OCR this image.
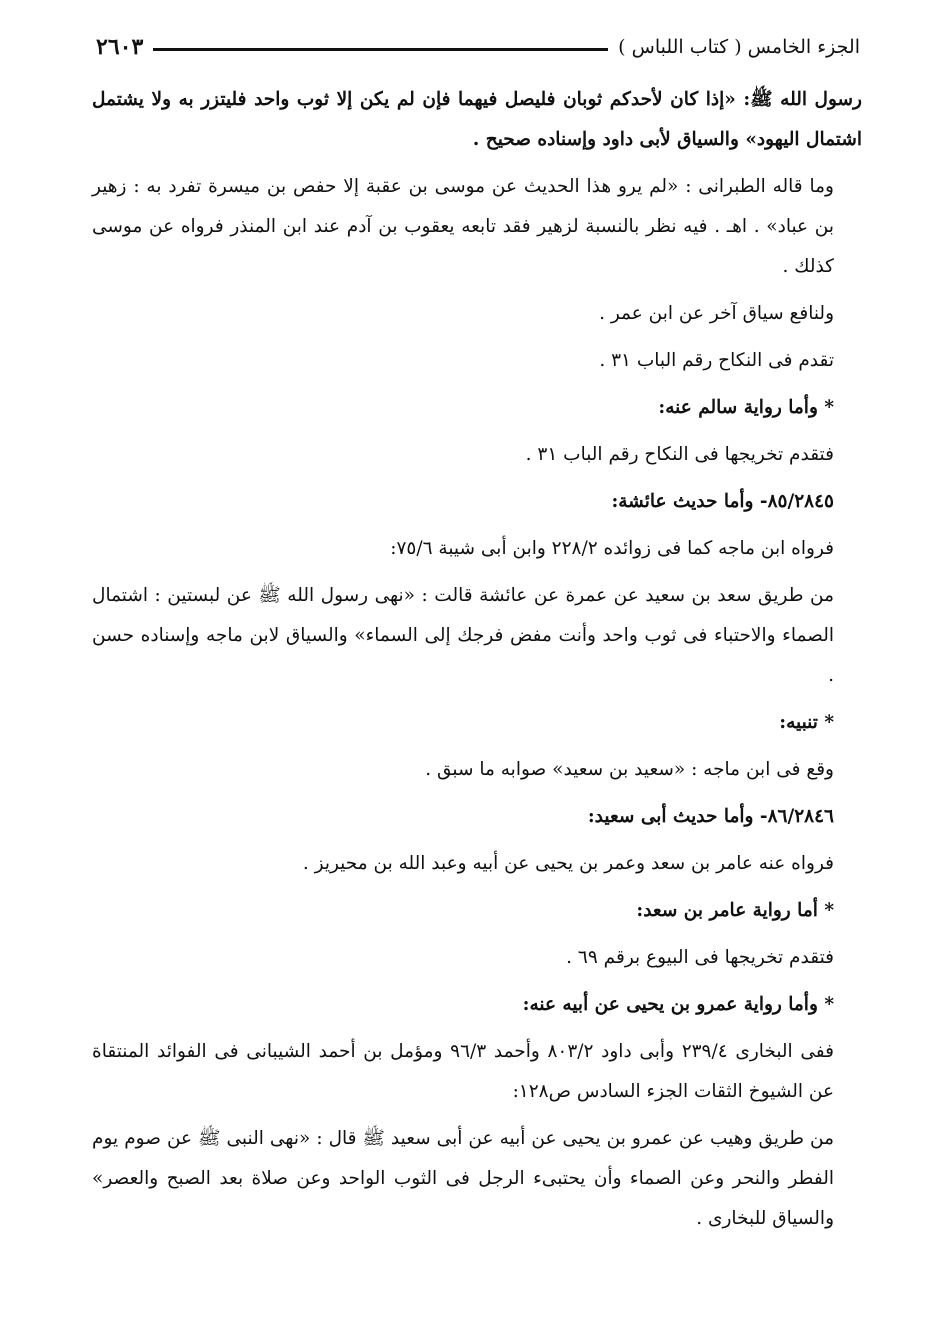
الجزء الخامس ( كتاب اللباس )
٢٦٠٣

رسول الله ﷺ: «إذا كان لأحدكم ثوبان فليصل فيهما فإن لم يكن إلا ثوب واحد فليتزر به ولا يشتمل اشتمال اليهود» والسياق لأبى داود وإسناده صحيح .

وما قاله الطبرانى : «لم يرو هذا الحديث عن موسى بن عقبة إلا حفص بن ميسرة تفرد به : زهير بن عباد» . اهـ . فيه نظر بالنسبة لزهير فقد تابعه يعقوب بن آدم عند ابن المنذر فرواه عن موسى كذلك .

ولنافع سياق آخر عن ابن عمر .

تقدم فى النكاح رقم الباب ٣١ .

* وأما رواية سالم عنه:

فتقدم تخريجها فى النكاح رقم الباب ٣١ .

٨٥/٢٨٤٥- وأما حديث عائشة:

فرواه ابن ماجه كما فى زوائده ٢٢٨/٢ وابن أبى شيبة ٧٥/٦:

من طريق سعد بن سعيد عن عمرة عن عائشة قالت : «نهى رسول الله ﷺ عن لبستين : اشتمال الصماء والاحتباء فى ثوب واحد وأنت مفض فرجك إلى السماء» والسياق لابن ماجه وإسناده حسن .

* تنبيه:

وقع فى ابن ماجه : «سعيد بن سعيد» صوابه ما سبق .

٨٦/٢٨٤٦- وأما حديث أبى سعيد:

فرواه عنه عامر بن سعد وعمر بن يحيى عن أبيه وعبد الله بن محيريز .

* أما رواية عامر بن سعد:

فتقدم تخريجها فى البيوع برقم ٦٩ .

* وأما رواية عمرو بن يحيى عن أبيه عنه:

ففى البخارى ٢٣٩/٤ وأبى داود ٨٠٣/٢ وأحمد ٩٦/٣ ومؤمل بن أحمد الشيبانى فى الفوائد المنتقاة عن الشيوخ الثقات الجزء السادس ص١٢٨:

من طريق وهيب عن عمرو بن يحيى عن أبيه عن أبى سعيد ﷺ قال : «نهى النبى ﷺ عن صوم يوم الفطر والنحر وعن الصماء وأن يحتبىء الرجل فى الثوب الواحد وعن صلاة بعد الصبح والعصر» والسياق للبخارى .
